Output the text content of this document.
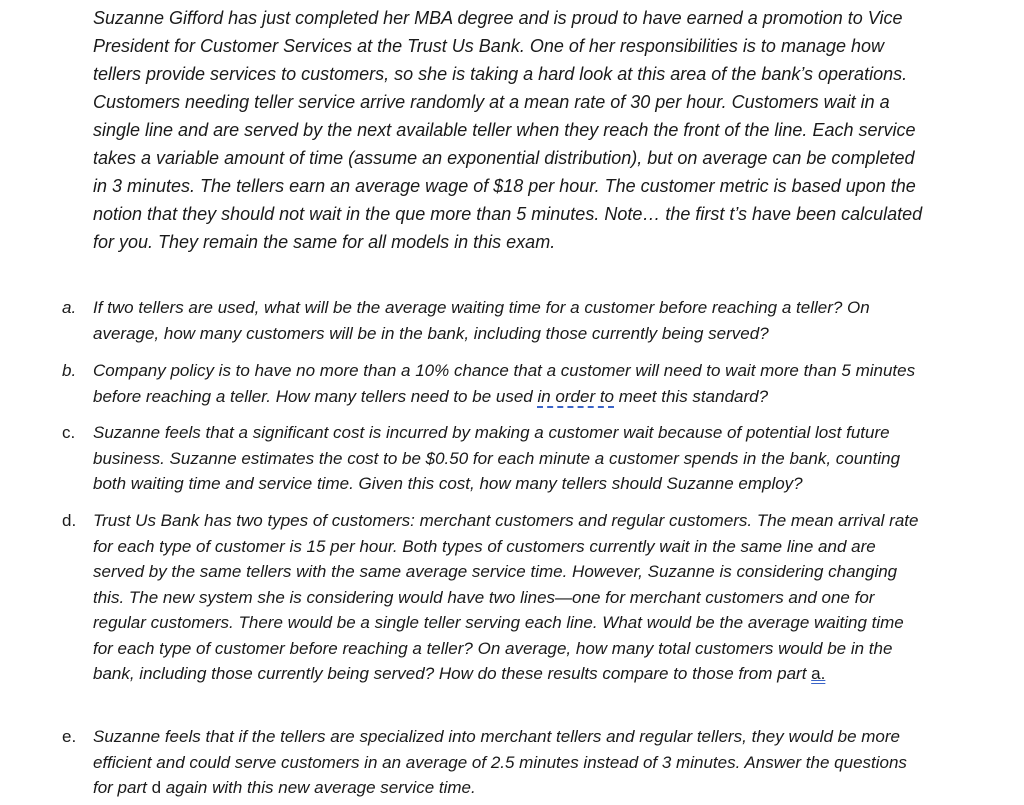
Suzanne Gifford has just completed her MBA degree and is proud to have earned a promotion to Vice President for Customer Services at the Trust Us Bank. One of her responsibilities is to manage how tellers provide services to customers, so she is taking a hard look at this area of the bank’s operations. Customers needing teller service arrive randomly at a mean rate of 30 per hour. Customers wait in a single line and are served by the next available teller when they reach the front of the line. Each service takes a variable amount of time (assume an exponential distribution), but on average can be completed in 3 minutes. The tellers earn an average wage of $18 per hour. The customer metric is based upon the notion that they should not wait in the que more than 5 minutes. Note… the first t’s have been calculated for you. They remain the same for all models in this exam.

a. If two tellers are used, what will be the average waiting time for a customer before reaching a teller? On average, how many customers will be in the bank, including those currently being served?

b. Company policy is to have no more than a 10% chance that a customer will need to wait more than 5 minutes before reaching a teller. How many tellers need to be used in order to meet this standard?

c. Suzanne feels that a significant cost is incurred by making a customer wait because of potential lost future business. Suzanne estimates the cost to be $0.50 for each minute a customer spends in the bank, counting both waiting time and service time. Given this cost, how many tellers should Suzanne employ?

d. Trust Us Bank has two types of customers: merchant customers and regular customers. The mean arrival rate for each type of customer is 15 per hour. Both types of customers currently wait in the same line and are served by the same tellers with the same average service time. However, Suzanne is considering changing this. The new system she is considering would have two lines—one for merchant customers and one for regular customers. There would be a single teller serving each line. What would be the average waiting time for each type of customer before reaching a teller? On average, how many total customers would be in the bank, including those currently being served? How do these results compare to those from part a.

e. Suzanne feels that if the tellers are specialized into merchant tellers and regular tellers, they would be more efficient and could serve customers in an average of 2.5 minutes instead of 3 minutes. Answer the questions for part d again with this new average service time.
